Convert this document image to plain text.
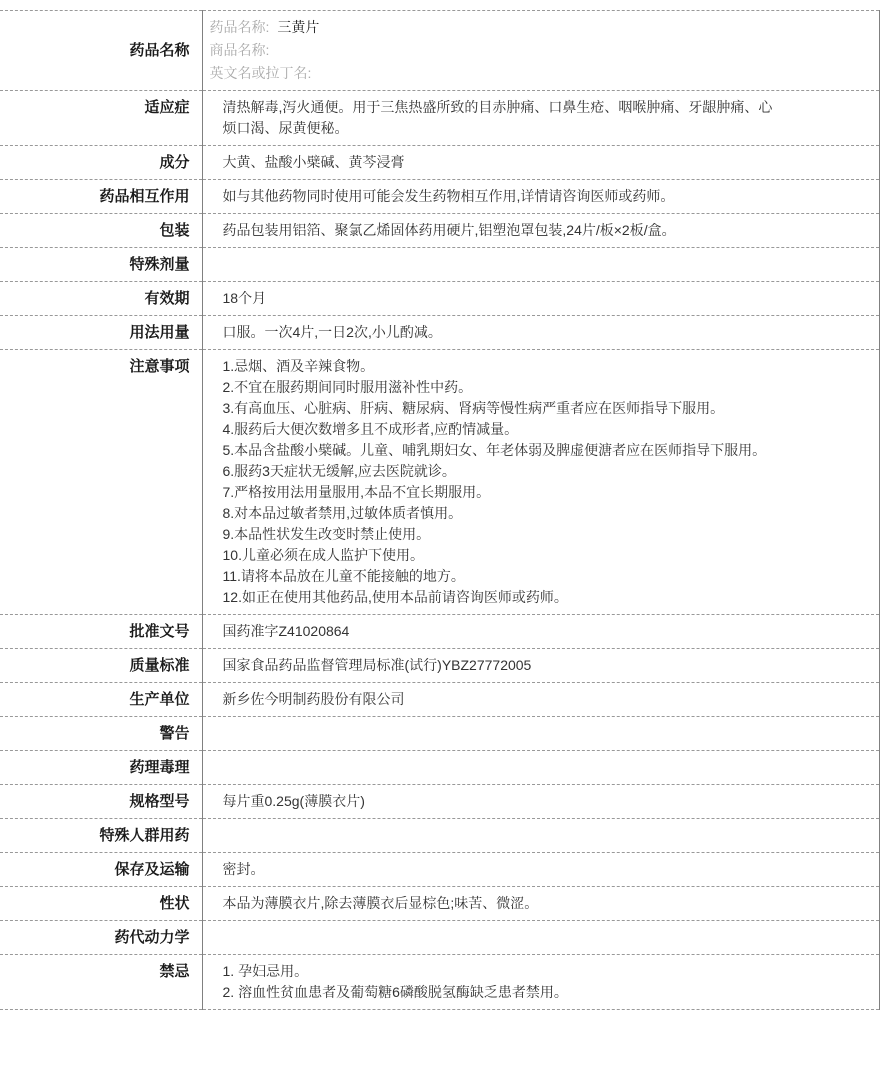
药品名称	药品名称: 三黄片
商品名称:
英文名或拉丁名:

适应症	清热解毒,泻火通便。用于三焦热盛所致的目赤肿痛、口鼻生疮、咽喉肿痛、牙龈肿痛、心
烦口渴、尿黄便秘。

成分	大黄、盐酸小檗碱、黄芩浸膏

药品相互作用	如与其他药物同时使用可能会发生药物相互作用,详情请咨询医师或药师。

包装	药品包装用铝箔、聚氯乙烯固体药用硬片,铝塑泡罩包装,24片/板×2板/盒。

特殊剂量	
有效期	18个月

用法用量	口服。一次4片,一日2次,小儿酌减。

注意事项	1.忌烟、酒及辛辣食物。
2.不宜在服药期间同时服用滋补性中药。
3.有高血压、心脏病、肝病、糖尿病、肾病等慢性病严重者应在医师指导下服用。
4.服药后大便次数增多且不成形者,应酌情减量。
5.本品含盐酸小檗碱。儿童、哺乳期妇女、年老体弱及脾虚便溏者应在医师指导下服用。
6.服药3天症状无缓解,应去医院就诊。
7.严格按用法用量服用,本品不宜长期服用。
8.对本品过敏者禁用,过敏体质者慎用。
9.本品性状发生改变时禁止使用。
10.儿童必须在成人监护下使用。
11.请将本品放在儿童不能接触的地方。
12.如正在使用其他药品,使用本品前请咨询医师或药师。

批准文号	国药准字Z41020864

质量标准	国家食品药品监督管理局标准(试行)YBZ27772005

生产单位	新乡佐今明制药股份有限公司

警告	
药理毒理	
规格型号	每片重0.25g(薄膜衣片)

特殊人群用药	
保存及运输	密封。

性状	本品为薄膜衣片,除去薄膜衣后显棕色;味苦、微涩。

药代动力学	
禁忌	1. 孕妇忌用。
2. 溶血性贫血患者及葡萄糖6磷酸脱氢酶缺乏患者禁用。
